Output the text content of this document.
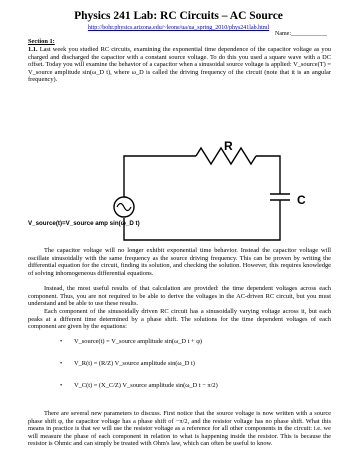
Physics 241 Lab: RC Circuits – AC Source
http://bohr.physics.arizona.edu/~leone/ua/ua_spring_2010/phys241lab.html
Name:____________
Section 1:
1.1. Last week you studied RC circuits, examining the exponential time dependence of the capacitor voltage as you charged and discharged the capacitor with a constant source voltage. To do this you used a square wave with a DC offset. Today you will examine the behavior of a capacitor when a sinusoidal source voltage is applied: V_source(T) = V_source amplitude sin(ω_D t), where ω_D is called the driving frequency of the circuit (note that it is an angular frequency).
R
C
V_source(t)=V_source amp sin(ω_D t)
The capacitor voltage will no longer exhibit exponential time behavior. Instead the capacitor voltage will oscillate sinusoidally with the same frequency as the source driving frequency. This can be proven by writing the differential equation for the circuit, finding its solution, and checking the solution. However, this requires knowledge of solving inhomogeneous differential equations.
Instead, the most useful results of that calculation are provided: the time dependent voltages across each component. Thus, you are not required to be able to derive the voltages in the AC-driven RC circuit, but you must understand and be able to use these results.
Each component of the sinusoidally driven RC circuit has a sinusoidally varying voltage across it, but each peaks at a different time determined by a phase shift. The solutions for the time dependent voltages of each component are given by the equations:
• V_source(t) = V_source amplitude sin(ω_D t + φ)
• V_R(t) = (R/Z) V_source amplitude sin(ω_D t)
• V_C(t) = (X_C/Z) V_source amplitude sin(ω_D t − π/2)
There are several new parameters to discuss. First notice that the source voltage is now written with a source phase shift φ, the capacitor voltage has a phase shift of −π/2, and the resistor voltage has no phase shift. What this means in practice is that we will use the resistor voltage as a reference for all other components in the circuit: i.e. we will measure the phase of each component in relation to what is happening inside the resistor. This is because the resistor is Ohmic and can simply be treated with Ohm's law, which can often be useful to know.
